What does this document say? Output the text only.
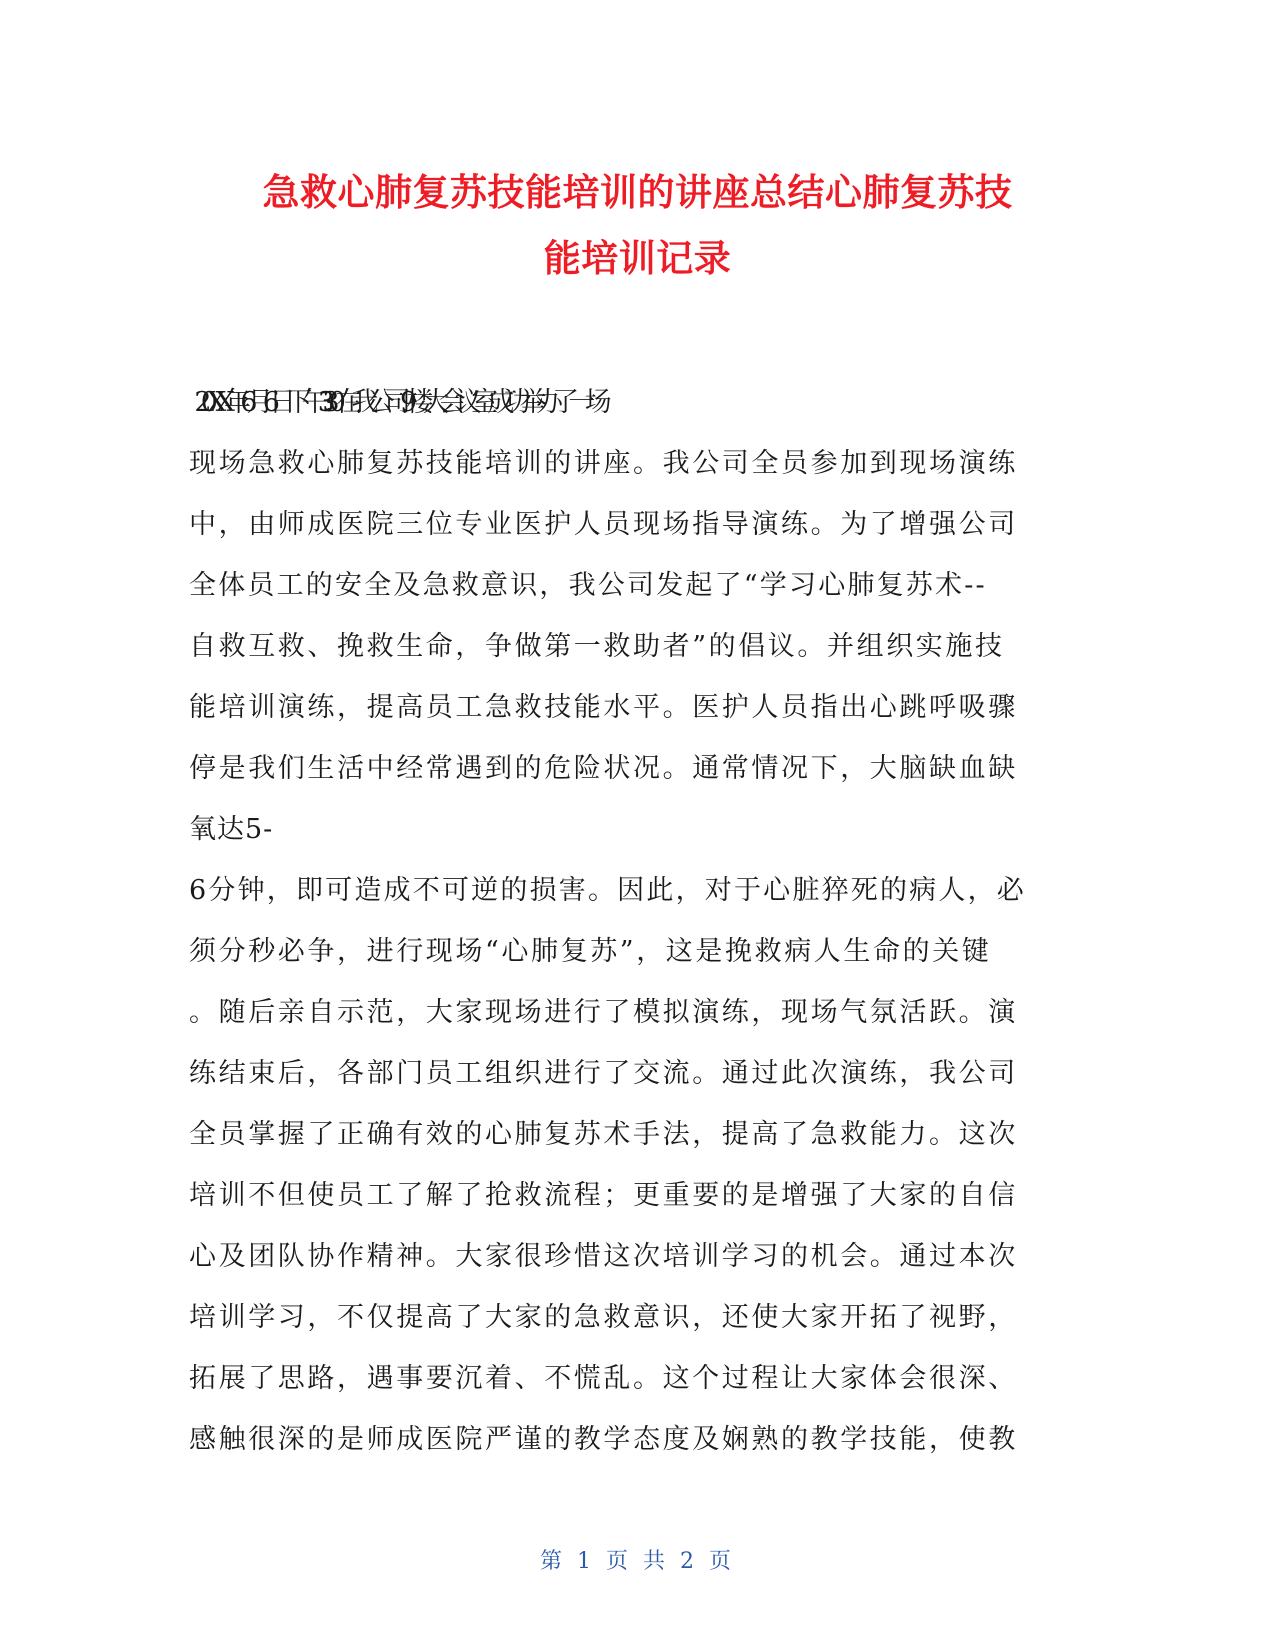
急救心肺复苏技能培训的讲座总结心肺复苏技
能培训记录
　　20XX年6月6日下午3:30在我公司9楼大会议室成功举办了一场
现场急救心肺复苏技能培训的讲座。我公司全员参加到现场演练
中，由师成医院三位专业医护人员现场指导演练。为了增强公司
全体员工的安全及急救意识，我公司发起了“学习心肺复苏术--
自救互救、挽救生命，争做第一救助者”的倡议。并组织实施技
能培训演练，提高员工急救技能水平。医护人员指出心跳呼吸骤
停是我们生活中经常遇到的危险状况。通常情况下，大脑缺血缺
氧达5-
6分钟，即可造成不可逆的损害。因此，对于心脏猝死的病人，必
须分秒必争，进行现场“心肺复苏”，这是挽救病人生命的关键
。随后亲自示范，大家现场进行了模拟演练，现场气氛活跃。演
练结束后，各部门员工组织进行了交流。通过此次演练，我公司
全员掌握了正确有效的心肺复苏术手法，提高了急救能力。这次
培训不但使员工了解了抢救流程；更重要的是增强了大家的自信
心及团队协作精神。大家很珍惜这次培训学习的机会。通过本次
培训学习，不仅提高了大家的急救意识，还使大家开拓了视野，
拓展了思路，遇事要沉着、不慌乱。这个过程让大家体会很深、
感触很深的是师成医院严谨的教学态度及娴熟的教学技能，使教
第 1 页 共 2 页
